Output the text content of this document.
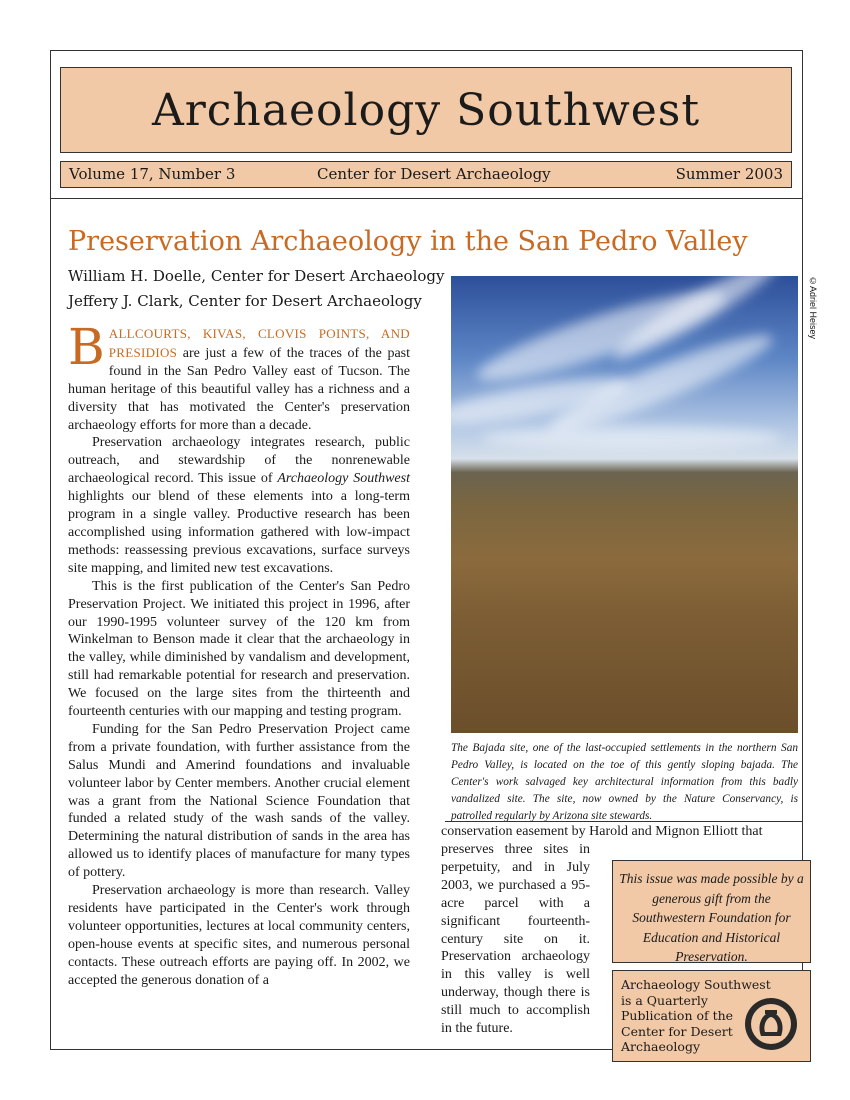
Archaeology Southwest
Volume 17, Number 3	Center for Desert Archaeology	Summer 2003
Preservation Archaeology in the San Pedro Valley
William H. Doelle, Center for Desert Archaeology
Jeffery J. Clark, Center for Desert Archaeology

BALLCOURTS, KIVAS, CLOVIS POINTS, AND PRESIDIOS are just a few of the traces of the past found in the San Pedro Valley east of Tucson. The human heritage of this beautiful valley has a richness and a diversity that has motivated the Center's preservation archaeology efforts for more than a decade.

Preservation archaeology integrates research, public outreach, and stewardship of the nonrenewable archaeological record. This issue of Archaeology Southwest highlights our blend of these elements into a long-term program in a single valley. Productive research has been accomplished using information gathered with low-impact methods: reassessing previous excavations, surface surveys site mapping, and limited new test excavations.

This is the first publication of the Center's San Pedro Preservation Project. We initiated this project in 1996, after our 1990-1995 volunteer survey of the 120 km from Winkelman to Benson made it clear that the archaeology in the valley, while diminished by vandalism and development, still had remarkable potential for research and preservation. We focused on the large sites from the thirteenth and fourteenth centuries with our mapping and testing program.

Funding for the San Pedro Preservation Project came from a private foundation, with further assistance from the Salus Mundi and Amerind foundations and invaluable volunteer labor by Center members. Another crucial element was a grant from the National Science Foundation that funded a related study of the wash sands of the valley. Determining the natural distribution of sands in the area has allowed us to identify places of manufacture for many types of pottery.

Preservation archaeology is more than research. Valley residents have participated in the Center's work through volunteer opportunities, lectures at local community centers, open-house events at specific sites, and numerous personal contacts. These outreach efforts are paying off. In 2002, we accepted the generous donation of a

©Adriel Heisey
The Bajada site, one of the last-occupied settlements in the northern San Pedro Valley, is located on the toe of this gently sloping bajada. The Center's work salvaged key architectural information from this badly vandalized site. The site, now owned by the Nature Conservancy, is patrolled regularly by Arizona site stewards.
conservation easement by Harold and Mignon Elliott that
preserves three sites in perpetuity, and in July 2003, we purchased a 95-acre parcel with a significant fourteenth-century site on it. Preservation archaeology in this valley is well underway, though there is still much to accomplish in the future.
This issue was made possible by a generous gift from the Southwestern Foundation for Education and Historical Preservation.
Archaeology Southwest
is a Quarterly
Publication of the
Center for Desert
Archaeology
